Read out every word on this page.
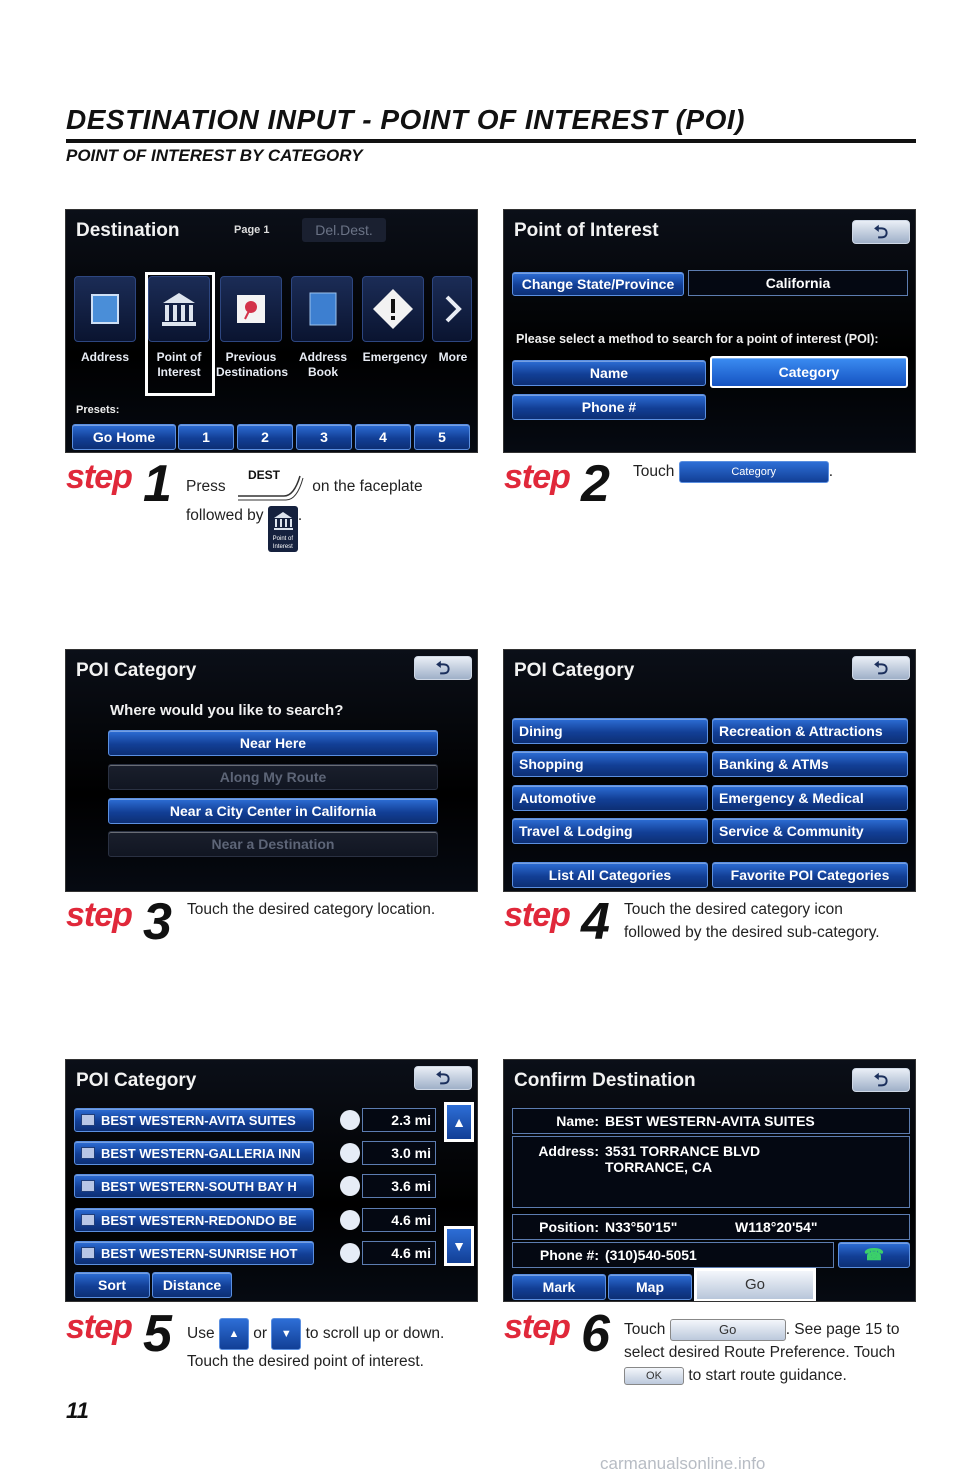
DESTINATION INPUT - POINT OF INTEREST (POI)
POINT OF INTEREST BY CATEGORY
Destination	Page 1	Del.Dest.
Address	Point of Interest
Previous Destinations
Address Book
Emergency More
Presets:
Go Home	1	2	3	4	5
Point of Interest	⮌
Change State/Province	California
Please select a method to search for a point of interest (POI):
Name	Category
Phone #
step 1 Press
DEST
on the faceplate
followed by
Point of Interest
.
step 2 Touch	Category	.
POI Category	⮌
Where would you like to search?
Near Here
Along My Route
Near a City Center in California
Near a Destination
POI Category	⮌
Dining	Recreation & Attractions
Shopping	Banking & ATMs
Automotive	Emergency & Medical
Travel & Lodging	Service & Community
List All Categories	Favorite POI Categories
step 3 Touch the desired category location.	step 4 Touch the desired category icon
followed by the desired sub-category.
POI Category	⮌
BEST WESTERN-AVITA SUITES	2.3 mi
BEST WESTERN-GALLERIA INN	3.0 mi
BEST WESTERN-SOUTH BAY H	3.6 mi
BEST WESTERN-REDONDO BE	4.6 mi
BEST WESTERN-SUNRISE HOT	4.6 mi
▲
▼
Sort	Distance
Confirm Destination	⮌
Name: BEST WESTERN-AVITA SUITES
Address: 3531 TORRANCE BLVD
TORRANCE, CA
Position: N33°50'15"	W118°20'54"
Phone #: (310)540-5051	☎
Mark	Map	Go
step 5 Use ▲ or ▼ to scroll up or down.
Touch the desired point of interest.
step 6 Touch	Go	. See page 15 to
select desired Route Preference. Touch
OK to start route guidance.
11
carmanualsonline.info
